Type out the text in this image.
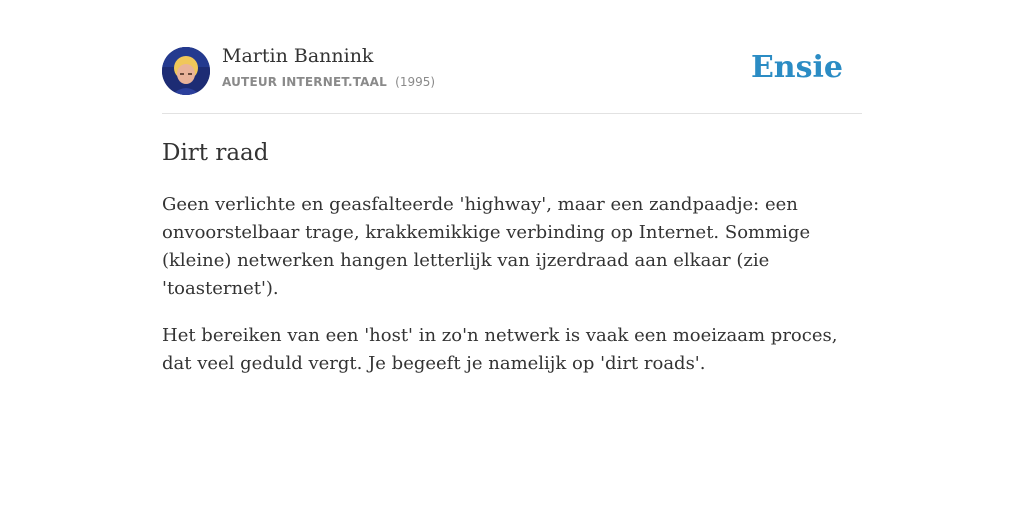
Martin Bannink
AUTEUR INTERNET.TAAL (1995)	Ensie
Dirt raad

Geen verlichte en geasfalteerde 'highway', maar een zandpaadje: een onvoorstelbaar trage, krakkemikkige verbinding op Internet. Sommige (kleine) netwerken hangen letterlijk van ijzerdraad aan elkaar (zie 'toasternet').

Het bereiken van een 'host' in zo'n netwerk is vaak een moeizaam proces, dat veel geduld vergt. Je begeeft je namelijk op 'dirt roads'.
